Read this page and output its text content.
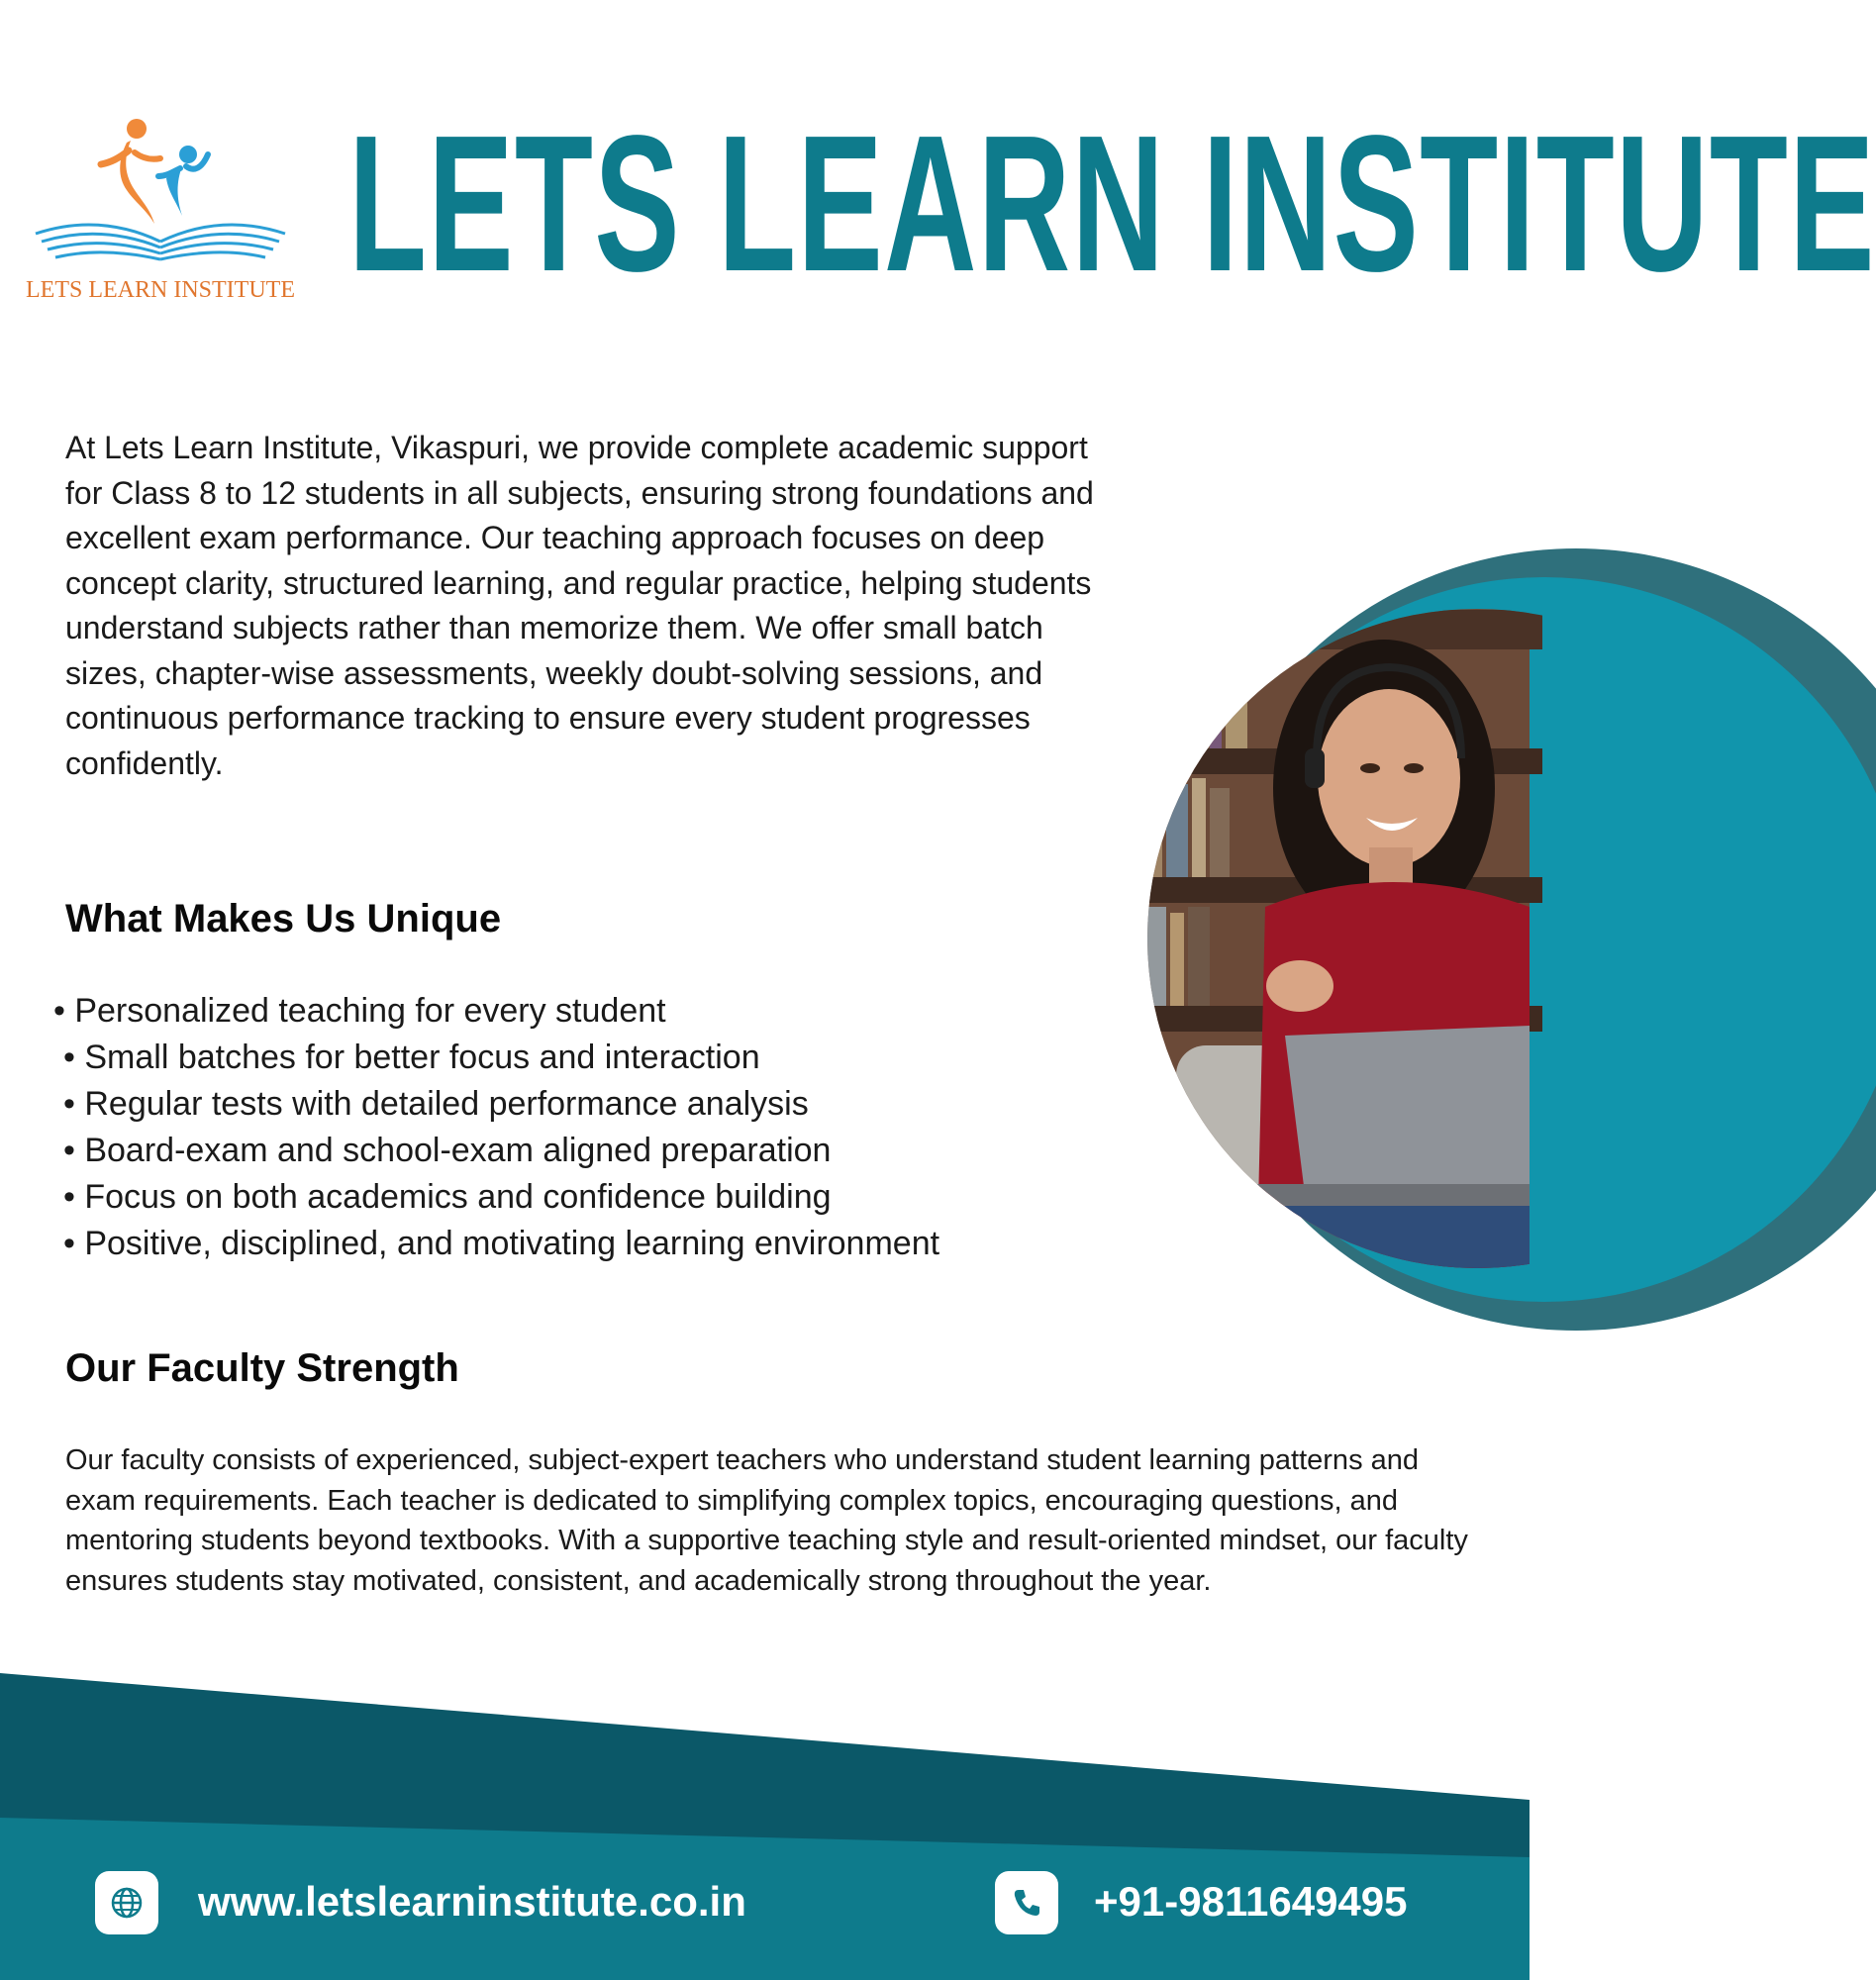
LETS LEARN INSTITUTE LETS LEARN INSTITUTE

At Lets Learn Institute, Vikaspuri, we provide complete academic support for Class 8 to 12 students in all subjects, ensuring strong foundations and excellent exam performance. Our teaching approach focuses on deep concept clarity, structured learning, and regular practice, helping students understand subjects rather than memorize them. We offer small batch sizes, chapter-wise assessments, weekly doubt-solving sessions, and continuous performance tracking to ensure every student progresses confidently.

What Makes Us Unique
• Personalized teaching for every student
• Small batches for better focus and interaction
• Regular tests with detailed performance analysis
• Board-exam and school-exam aligned preparation
• Focus on both academics and confidence building
• Positive, disciplined, and motivating learning environment
Our Faculty Strength

Our faculty consists of experienced, subject-expert teachers who understand student learning patterns and exam requirements. Each teacher is dedicated to simplifying complex topics, encouraging questions, and mentoring students beyond textbooks. With a supportive teaching style and result-oriented mindset, our faculty ensures students stay motivated, consistent, and academically strong throughout the year.

www.letslearninstitute.co.in	+91-9811649495
